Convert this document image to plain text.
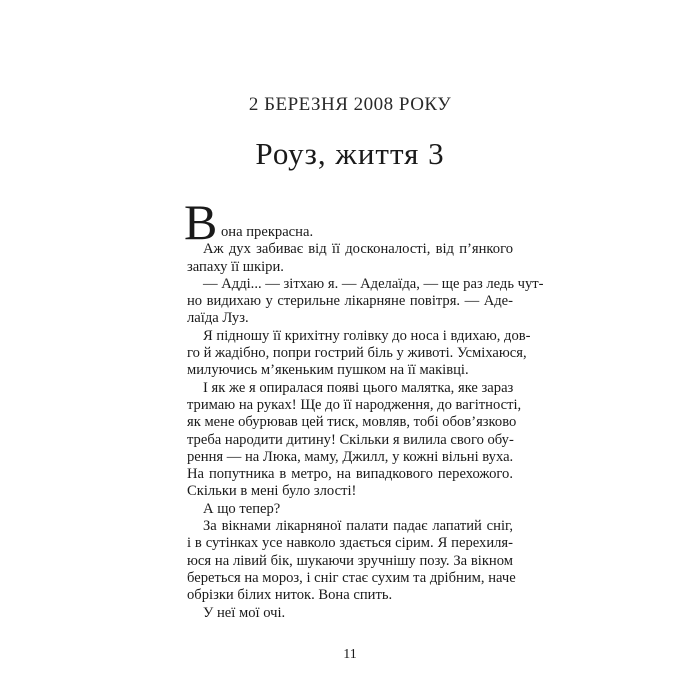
2 БЕРЕЗНЯ 2008 РОКУ
Роуз, життя 3
В она прекрасна.
Аж дух забиває від її досконалості, від п’янкого
запаху її шкіри.
— Адді... — зітхаю я. — Аделаїда, — ще раз ледь чут-
но видихаю у стерильне лікарняне повітря. — Аде-
лаїда Луз.
Я підношу її крихітну голівку до носа і вдихаю, дов-
го й жадібно, попри гострий біль у животі. Усміхаюся,
милуючись м’якеньким пушком на її маківці.
І як же я опиралася появі цього малятка, яке зараз
тримаю на руках! Ще до її народження, до вагітності,
як мене обурював цей тиск, мовляв, тобі обов’язково
треба народити дитину! Скільки я вилила свого обу-
рення — на Люка, маму, Джилл, у кожні вільні вуха.
На попутника в метро, на випадкового перехожого.
Скільки в мені було злості!
А що тепер?
За вікнами лікарняної палати падає лапатий сніг,
і в сутінках усе навколо здається сірим. Я перехиля-
юся на лівий бік, шукаючи зручнішу позу. За вікном
береться на мороз, і сніг стає сухим та дрібним, наче
обрізки білих ниток. Вона спить.
У неї мої очі.
11
